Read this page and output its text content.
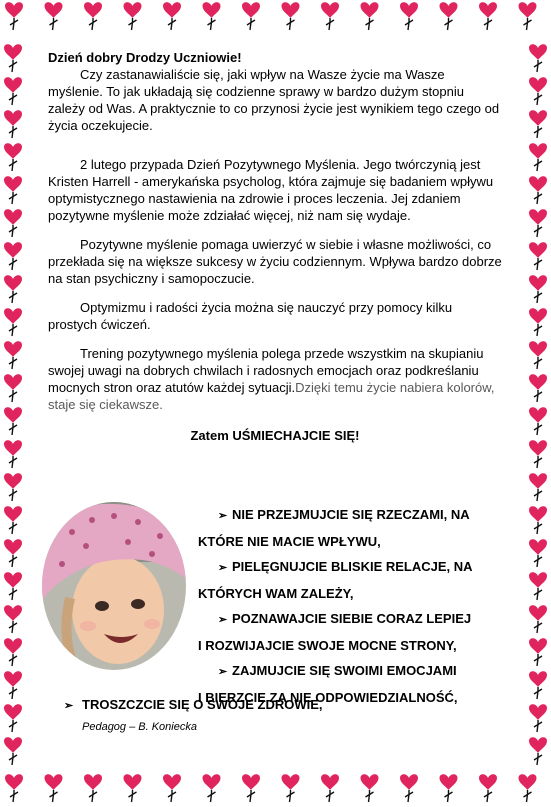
Dzień dobry Drodzy Uczniowie!

Czy zastanawialiście się, jaki wpływ na Wasze życie ma Wasze myślenie. To jak układają się codzienne sprawy w bardzo dużym stopniu zależy od Was. A praktycznie to co przynosi życie jest wynikiem tego czego od życia oczekujecie.

2 lutego przypada Dzień Pozytywnego Myślenia. Jego twórczynią jest Kristen Harrell - amerykańska psycholog, która zajmuje się badaniem wpływu optymistycznego nastawienia na zdrowie i proces leczenia. Jej zdaniem pozytywne myślenie może zdziałać więcej, niż nam się wydaje.

Pozytywne myślenie pomaga uwierzyć w siebie i własne możliwości, co przekłada się na większe sukcesy w życiu codziennym. Wpływa bardzo dobrze na stan psychiczny i samopoczucie.

Optymizmu i radości życia można się nauczyć przy pomocy kilku prostych ćwiczeń.

Trening pozytywnego myślenia polega przede wszystkim na skupianiu swojej uwagi na dobrych chwilach i radosnych emocjach oraz podkreślaniu mocnych stron oraz atutów każdej sytuacji.Dzięki temu życie nabiera kolorów, staje się ciekawsze.

Zatem UŚMIECHAJCIE SIĘ!

➢ NIE PRZEJMUJCIE SIĘ RZECZAMI, NA
KTÓRE NIE MACIE WPŁYWU,
➢ PIELĘGNUJCIE BLISKIE RELACJE, NA
KTÓRYCH WAM ZALEŻY,
➢ POZNAWAJCIE SIEBIE CORAZ LEPIEJ
I ROZWIJAJCIE SWOJE MOCNE STRONY,
➢ ZAJMUJCIE SIĘ SWOIMI EMOCJAMI
I BIERZCIE ZA NIE ODPOWIEDZIALNOŚĆ,
➢ TROSZCZCIE SIĘ O SWOJE ZDROWIE,
Pedagog – B. Koniecka
